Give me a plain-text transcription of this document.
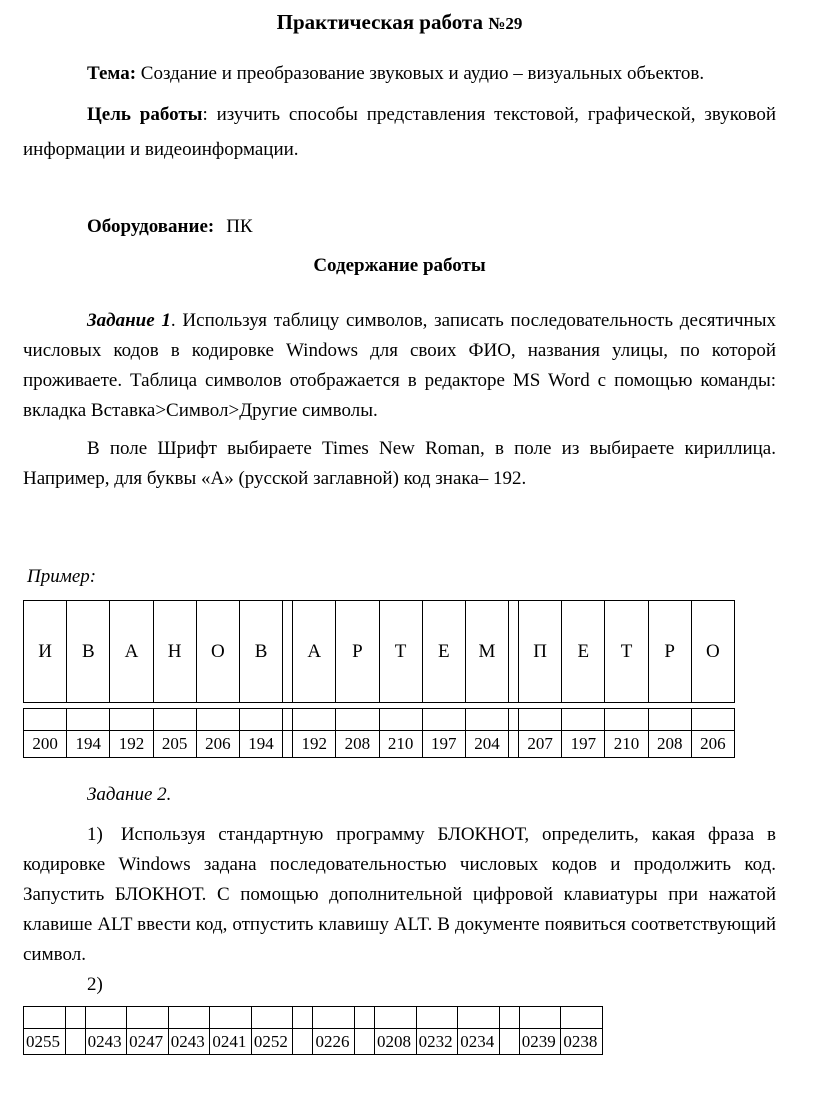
Практическая работа №29

Тема: Создание и преобразование звуковых и аудио – визуальных объектов.

Цель работы: изучить способы представления текстовой, графической, звуковой информации и видеоинформации.

Оборудование: ПК

Содержание работы

Задание 1. Используя таблицу символов, записать последовательность десятичных числовых кодов в кодировке Windows для своих ФИО, названия улицы, по которой проживаете. Таблица символов отображается в редакторе MS Word с помощью команды: вкладка Вставка>Символ>Другие символы.

В поле Шрифт выбираете Times New Roman, в поле из выбираете кириллица. Например, для буквы «А» (русской заглавной) код знака– 192.

Пример:

И	В	А	Н	О	В		А	Р	Т	Е	М		П	Е	Т	Р	О

200	194	192	205	206	194		192	208	210	197	204		207	197	210	208	206

Задание 2.

1) Используя стандартную программу БЛОКНОТ, определить, какая фраза в кодировке Windows задана последовательностью числовых кодов и продолжить код. Запустить БЛОКНОТ. С помощью дополнительной цифровой клавиатуры при нажатой клавише ALT ввести код, отпустить клавишу ALT. В документе появиться соответствующий символ.

2)

0255		0243	0247	0243	0241	0252		0226		0208	0232	0234		0239	0238
